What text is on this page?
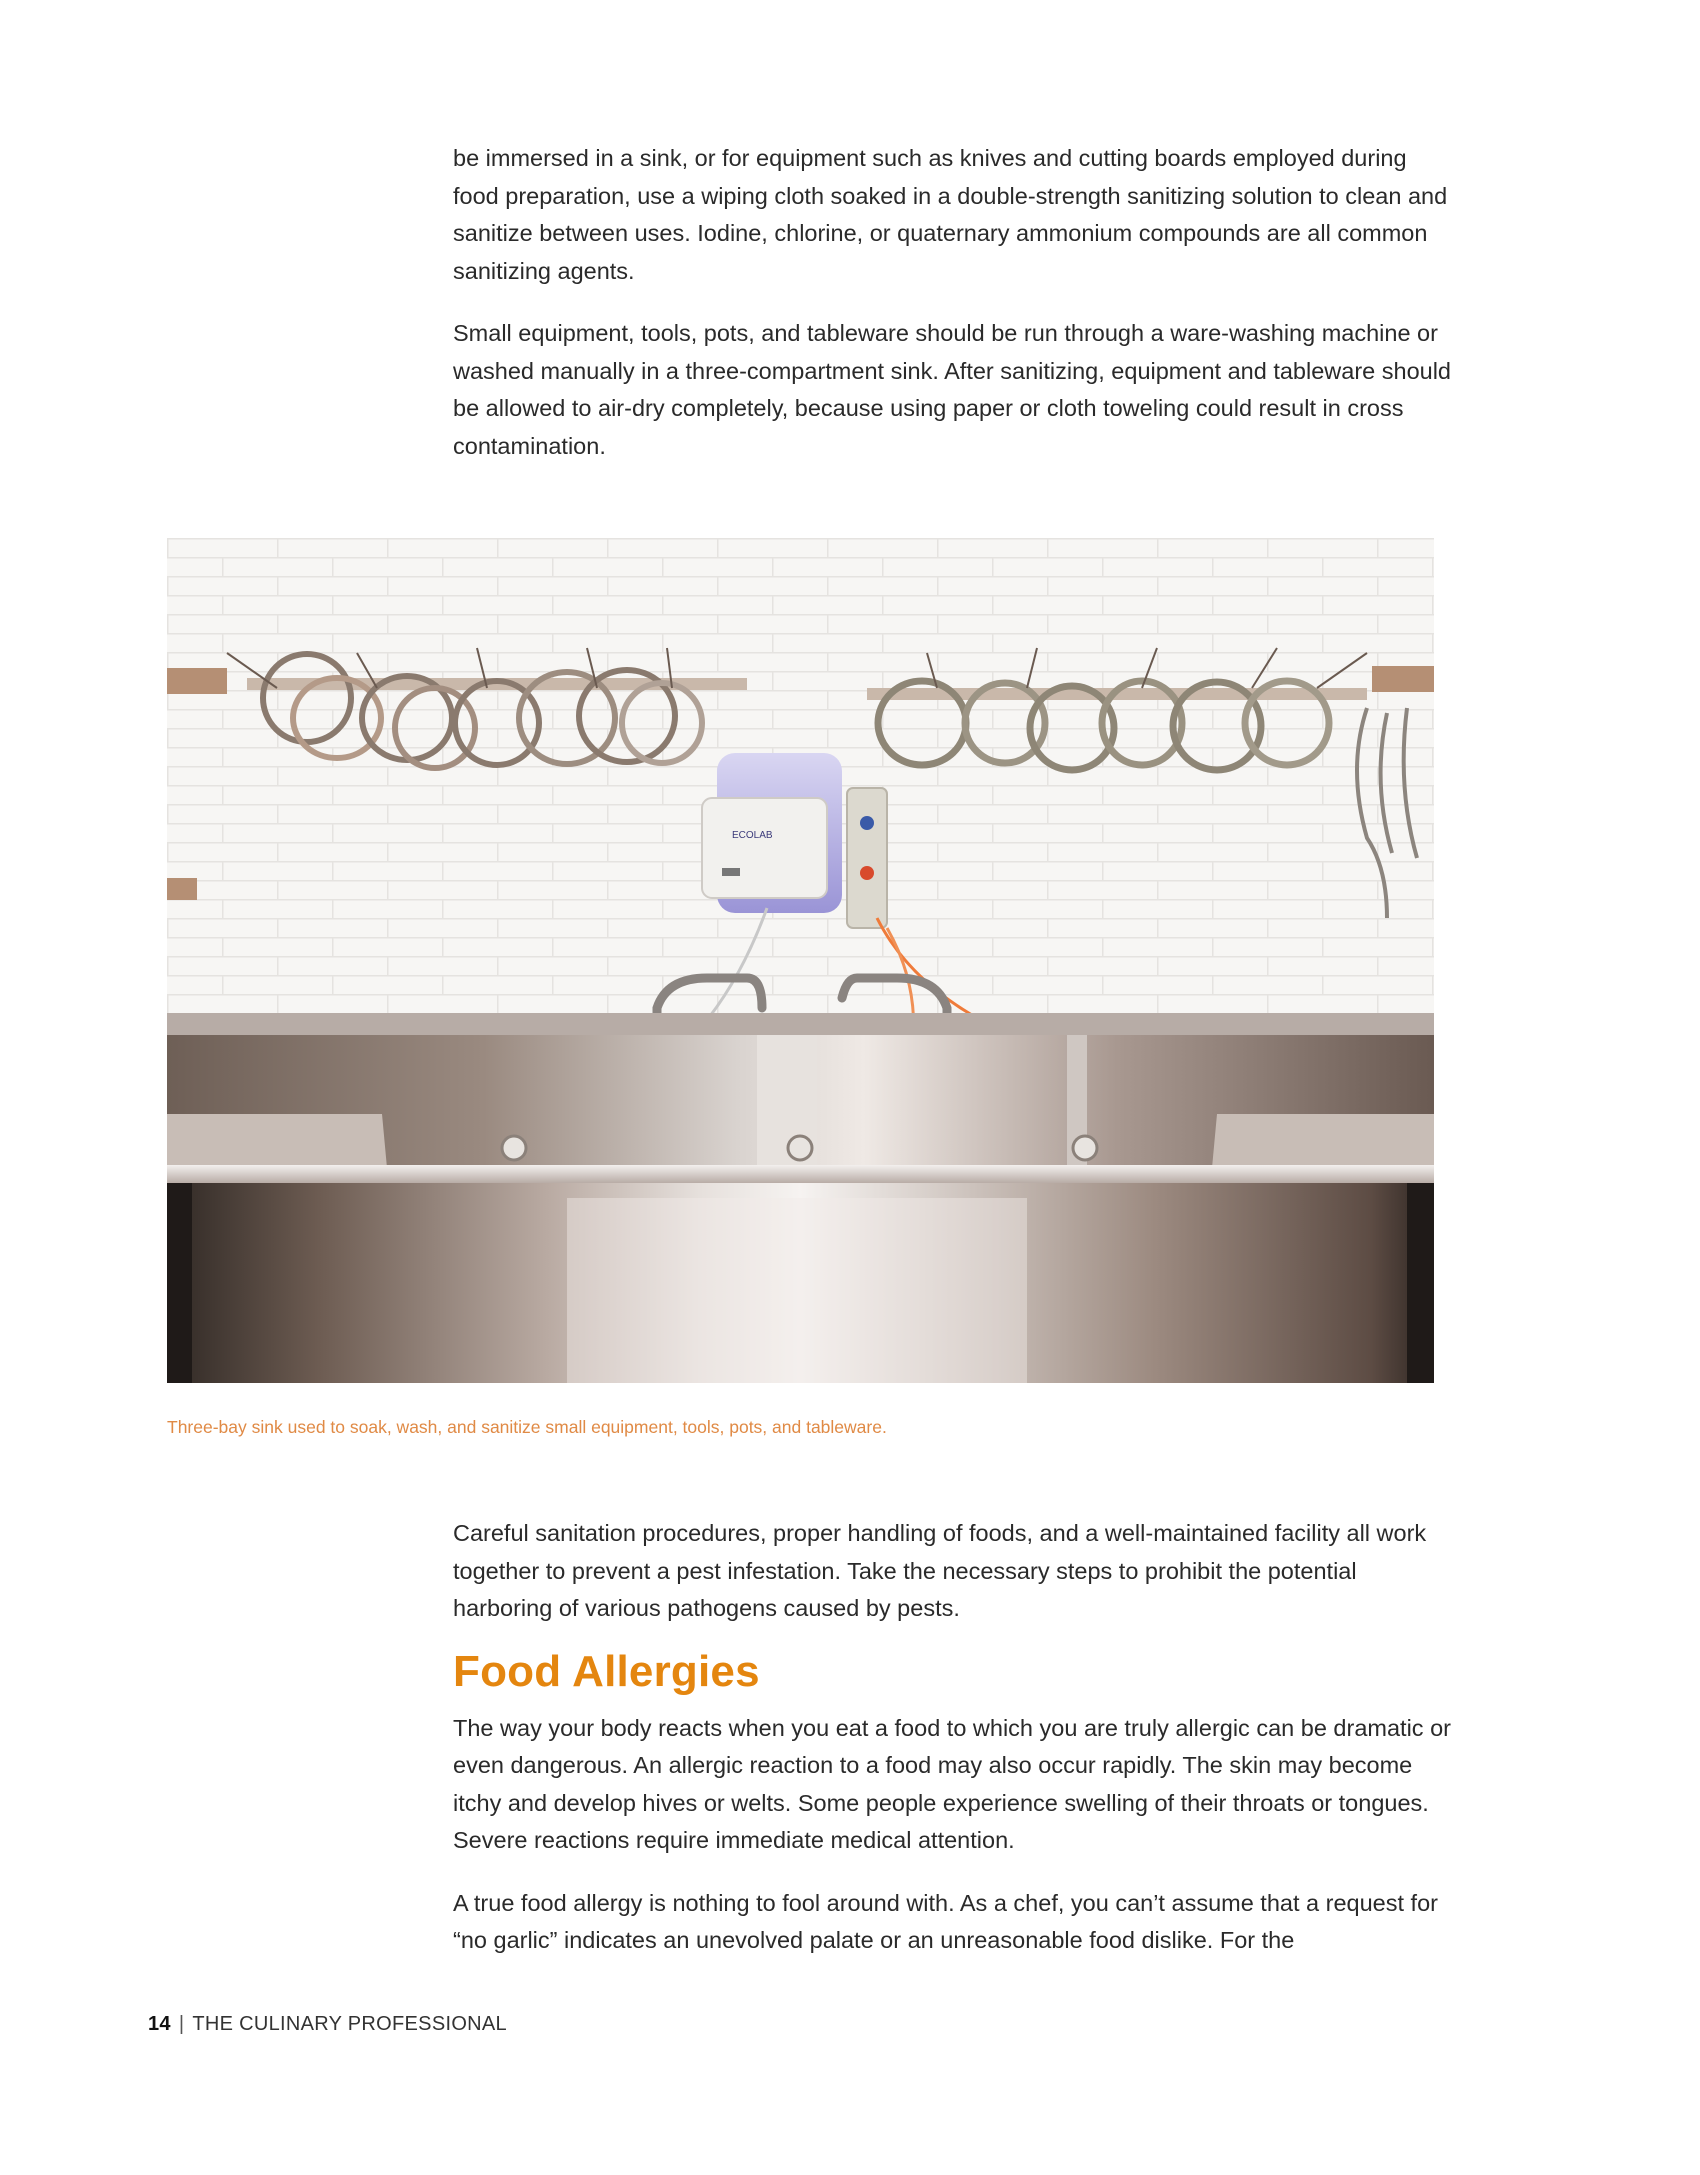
be immersed in a sink, or for equipment such as knives and cutting boards employed during food preparation, use a wiping cloth soaked in a double-strength sanitizing solution to clean and sanitize between uses. Iodine, chlorine, or quaternary ammonium compounds are all common sanitizing agents.

Small equipment, tools, pots, and tableware should be run through a ware-washing machine or washed manually in a three-compartment sink. After sanitizing, equipment and tableware should be allowed to air-dry completely, because using paper or cloth toweling could result in cross contamination.

ECOLAB

Three-bay sink used to soak, wash, and sanitize small equipment, tools, pots, and tableware.

Careful sanitation procedures, proper handling of foods, and a well-maintained facility all work together to prevent a pest infestation. Take the necessary steps to prohibit the potential harboring of various pathogens caused by pests.

Food Allergies

The way your body reacts when you eat a food to which you are truly allergic can be dramatic or even dangerous. An allergic reaction to a food may also occur rapidly. The skin may become itchy and develop hives or welts. Some people experience swelling of their throats or tongues. Severe reactions require immediate medical attention.

A true food allergy is nothing to fool around with. As a chef, you can’t assume that a request for “no garlic” indicates an unevolved palate or an unreasonable food dislike. For the

14 | THE CULINARY PROFESSIONAL
